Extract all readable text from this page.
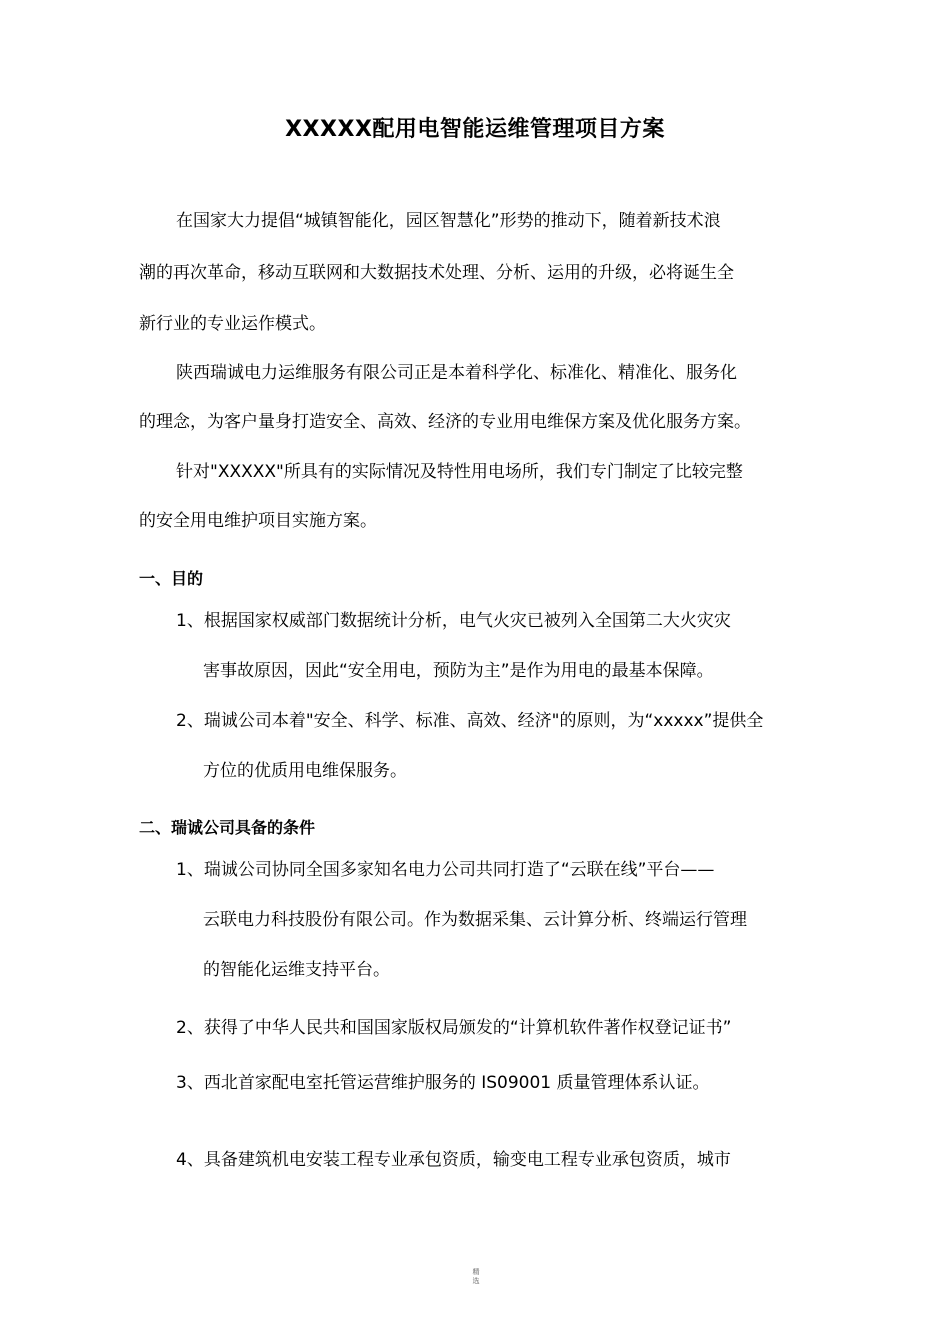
XXXXX配用电智能运维管理项目方案
在国家大力提倡“城镇智能化，园区智慧化”形势的推动下，随着新技术浪
潮的再次革命，移动互联网和大数据技术处理、分析、运用的升级，必将诞生全
新行业的专业运作模式。
陕西瑞诚电力运维服务有限公司正是本着科学化、标准化、精准化、服务化
的理念，为客户量身打造安全、高效、经济的专业用电维保方案及优化服务方案。
针对"XXXXX"所具有的实际情况及特性用电场所，我们专门制定了比较完整
的安全用电维护项目实施方案。
一、目的
1、根据国家权威部门数据统计分析，电气火灾已被列入全国第二大火灾灾
害事故原因，因此“安全用电，预防为主”是作为用电的最基本保障。
2、瑞诚公司本着"安全、科学、标准、高效、经济"的原则，为“xxxxx”提供全
方位的优质用电维保服务。
二、瑞诚公司具备的条件
1、瑞诚公司协同全国多家知名电力公司共同打造了“云联在线”平台——
云联电力科技股份有限公司。作为数据采集、云计算分析、终端运行管理
的智能化运维支持平台。
2、获得了中华人民共和国国家版权局颁发的“计算机软件著作权登记证书”
3、西北首家配电室托管运营维护服务的 IS09001 质量管理体系认证。
4、具备建筑机电安装工程专业承包资质，输变电工程专业承包资质，城市
精
选
